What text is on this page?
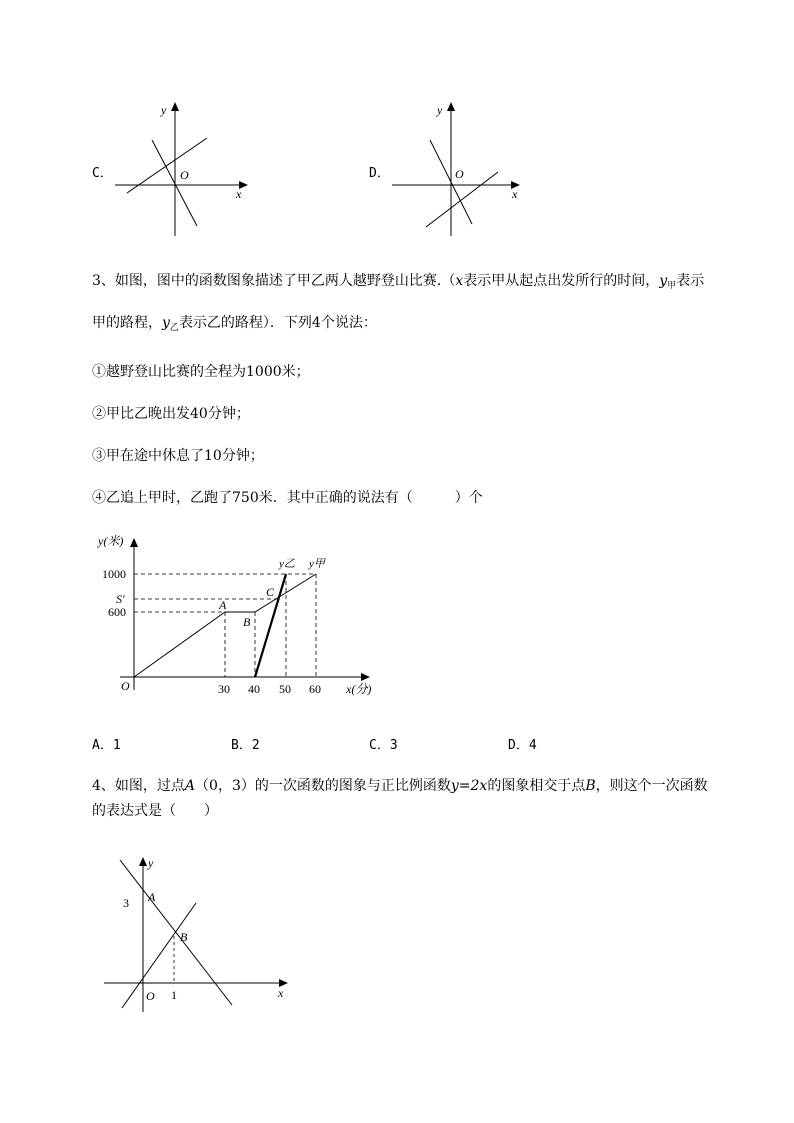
C．
y
x
O	D．
y
x
O
3、如图，图中的函数图象描述了甲乙两人越野登山比赛.（x表示甲从起点出发所行的时间，$y_甲$表示
甲的路程，$y_乙$表示乙的路程）．下列4个说法：
①越野登山比赛的全程为1000米；
②甲比乙晚出发40分钟；
③甲在途中休息了10分钟；
④乙追上甲时，乙跑了750米．其中正确的说法有（　　　）个
y(米)
x(分)
O
1000
S'
600
30 40 50 60
A
B
C
y乙 y甲
A．1	B．2	C．3	D．4
4、如图，过点A（0，3）的一次函数的图象与正比例函数y=2x的图象相交于点B，则这个一次函数
的表达式是（　　）
y
x
O
3
1
A
B
